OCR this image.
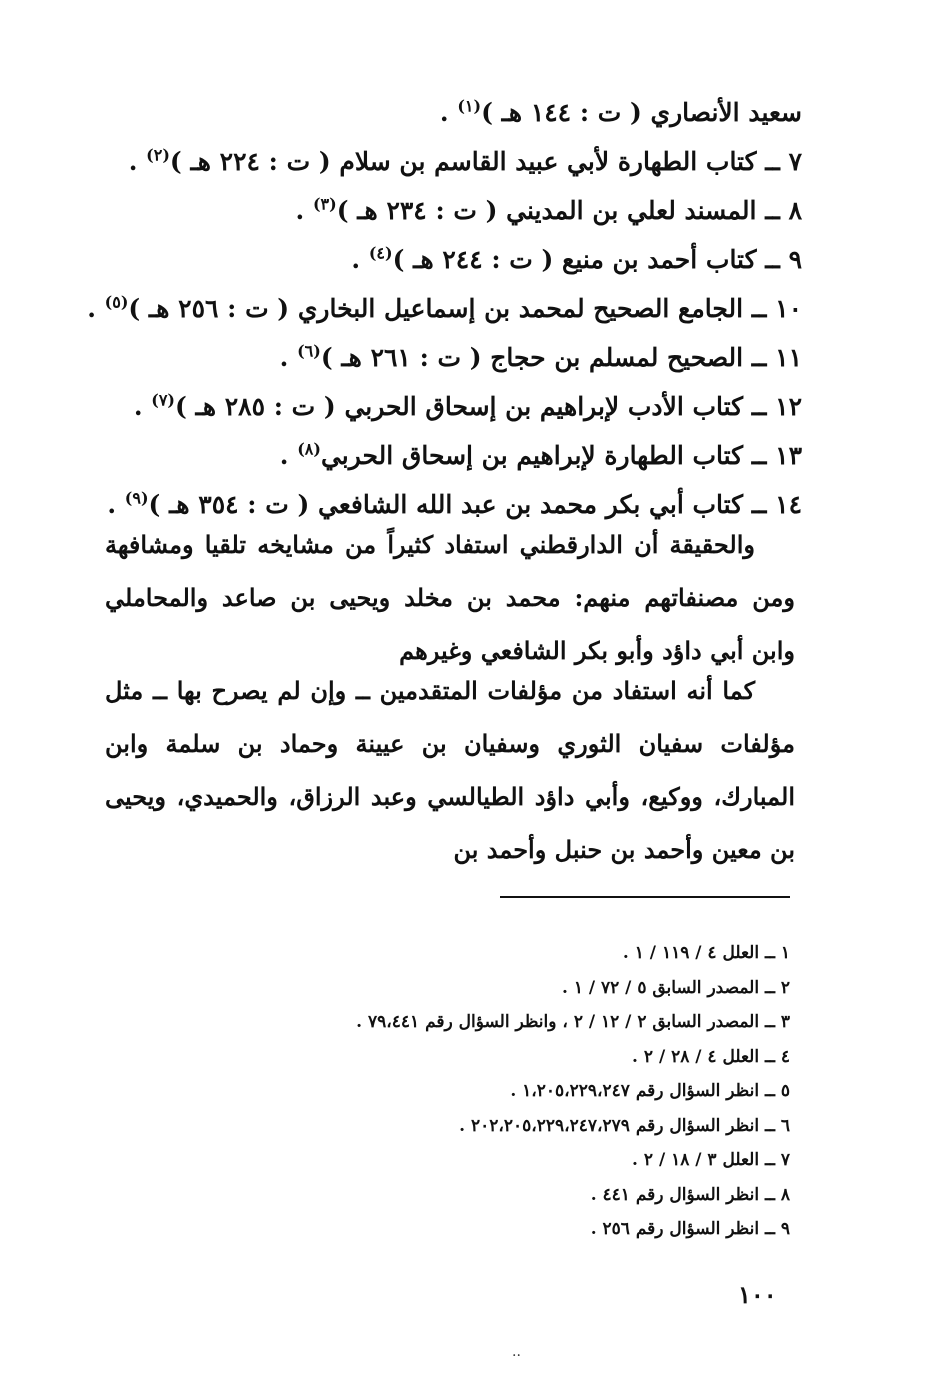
سعيد الأنصاري ( ت : ١٤٤ هـ )$^{(١)}$ .
٧ ــ كتاب الطهارة لأبي عبيد القاسم بن سلام ( ت : ٢٢٤ هـ )$^{(٢)}$ .
٨ ــ المسند لعلي بن المديني ( ت : ٢٣٤ هـ )$^{(٣)}$ .
٩ ــ كتاب أحمد بن منيع ( ت : ٢٤٤ هـ )$^{(٤)}$ .
١٠ ــ الجامع الصحيح لمحمد بن إسماعيل البخاري ( ت : ٢٥٦ هـ )$^{(٥)}$ .
١١ ــ الصحيح لمسلم بن حجاج ( ت : ٢٦١ هـ )$^{(٦)}$ .
١٢ ــ كتاب الأدب لإبراهيم بن إسحاق الحربي ( ت : ٢٨٥ هـ )$^{(٧)}$ .
١٣ ــ كتاب الطهارة لإبراهيم بن إسحاق الحربي$^{(٨)}$ .
١٤ ــ كتاب أبي بكر محمد بن عبد الله الشافعي ( ت : ٣٥٤ هـ )$^{(٩)}$ .
والحقيقة أن الدارقطني استفاد كثيراً من مشايخه تلقيا ومشافهة ومن مصنفاتهم منهم: محمد بن مخلد ويحيى بن صاعد والمحاملي وابن أبي داؤد وأبو بكر الشافعي وغيرهم
كما أنه استفاد من مؤلفات المتقدمين ــ وإن لم يصرح بها ــ مثل مؤلفات سفيان الثوري وسفيان بن عيينة وحماد بن سلمة وابن المبارك، ووكيع، وأبي داؤد الطيالسي وعبد الرزاق، والحميدي، ويحيى بن معين وأحمد بن حنبل وأحمد بن
١ ــ العلل ٤ / ١١٩ / ١ .
٢ ــ المصدر السابق ٥ / ٧٢ / ١ .
٣ ــ المصدر السابق ٢ / ١٢ / ٢ ، وانظر السؤال رقم ٧٩،٤٤١ .
٤ ــ العلل ٤ / ٢٨ / ٢ .
٥ ــ انظر السؤال رقم ١،٢٠٥،٢٢٩،٢٤٧ .
٦ ــ انظر السؤال رقم ٢٠٢،٢٠٥،٢٢٩،٢٤٧،٢٧٩ .
٧ ــ العلل ٣ / ١٨ / ٢ .
٨ ــ انظر السؤال رقم ٤٤١ .
٩ ــ انظر السؤال رقم ٢٥٦ .
١٠٠
..
